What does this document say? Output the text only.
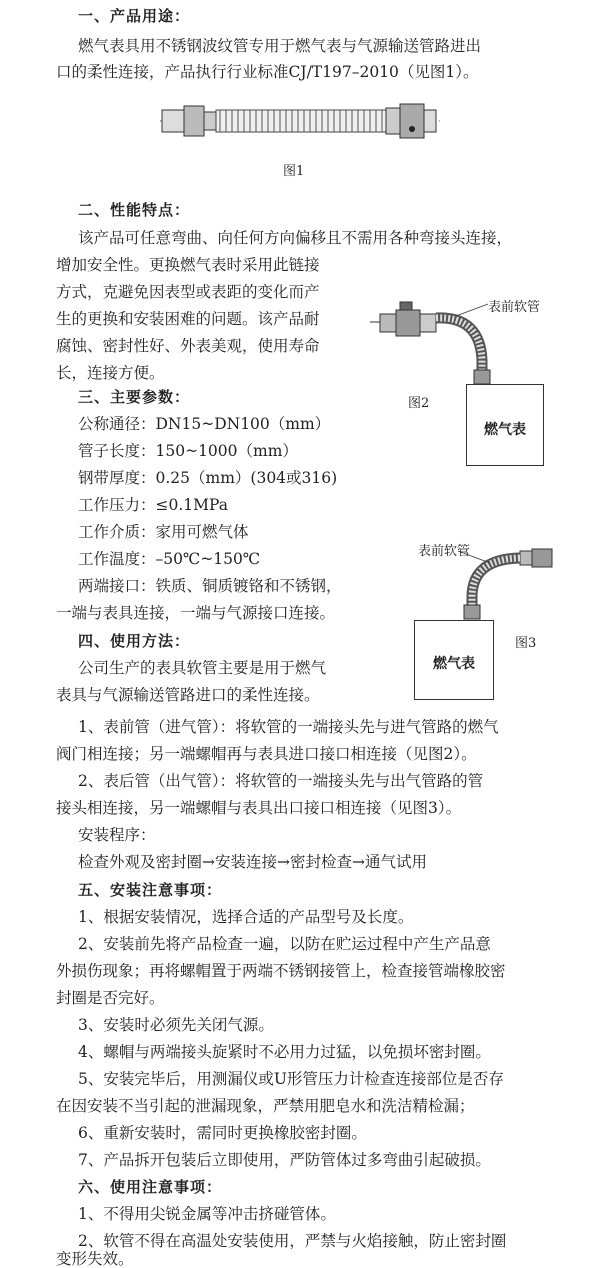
一、产品用途：
燃气表具用不锈钢波纹管专用于燃气表与气源输送管路进出
口的柔性连接，产品执行行业标准CJ/T197–2010（见图1）。
图1
二、性能特点：
该产品可任意弯曲、向任何方向偏移且不需用各种弯接头连接，
增加安全性。更换燃气表时采用此链接
方式，克避免因表型或表距的变化而产
生的更换和安装困难的问题。该产品耐
腐蚀、密封性好、外表美观，使用寿命
长，连接方便。
表前软管
燃气表
图2
三、主要参数：
公称通径：DN15~DN100（mm）
管子长度：150~1000（mm）
钢带厚度：0.25（mm）(304或316)
工作压力：≤0.1MPa
工作介质：家用可燃气体
工作温度：–50℃~150℃
两端接口：铁质、铜质镀铬和不锈钢，
一端与表具连接，一端与气源接口连接。
表前软管
燃气表
图3
四、使用方法：
公司生产的表具软管主要是用于燃气
表具与气源输送管路进口的柔性连接。
1、表前管（进气管）：将软管的一端接头先与进气管路的燃气
阀门相连接；另一端螺帽再与表具进口接口相连接（见图2）。
2、表后管（出气管）：将软管的一端接头先与出气管路的管
接头相连接，另一端螺帽与表具出口接口相连接（见图3）。
安装程序：
检查外观及密封圈→安装连接→密封检查→通气试用
五、安装注意事项：
1、根据安装情况，选择合适的产品型号及长度。
2、安装前先将产品检查一遍，以防在贮运过程中产生产品意
外损伤现象；再将螺帽置于两端不锈钢接管上，检查接管端橡胶密
封圈是否完好。
3、安装时必须先关闭气源。
4、螺帽与两端接头旋紧时不必用力过猛，以免损坏密封圈。
5、安装完毕后，用测漏仪或U形管压力计检查连接部位是否存
在因安装不当引起的泄漏现象，严禁用肥皂水和洗洁精检漏；
6、重新安装时，需同时更换橡胶密封圈。
7、产品拆开包装后立即使用，严防管体过多弯曲引起破损。
六、使用注意事项：
1、不得用尖锐金属等冲击挤碰管体。
2、软管不得在高温处安装使用，严禁与火焰接触，防止密封圈
变形失效。
